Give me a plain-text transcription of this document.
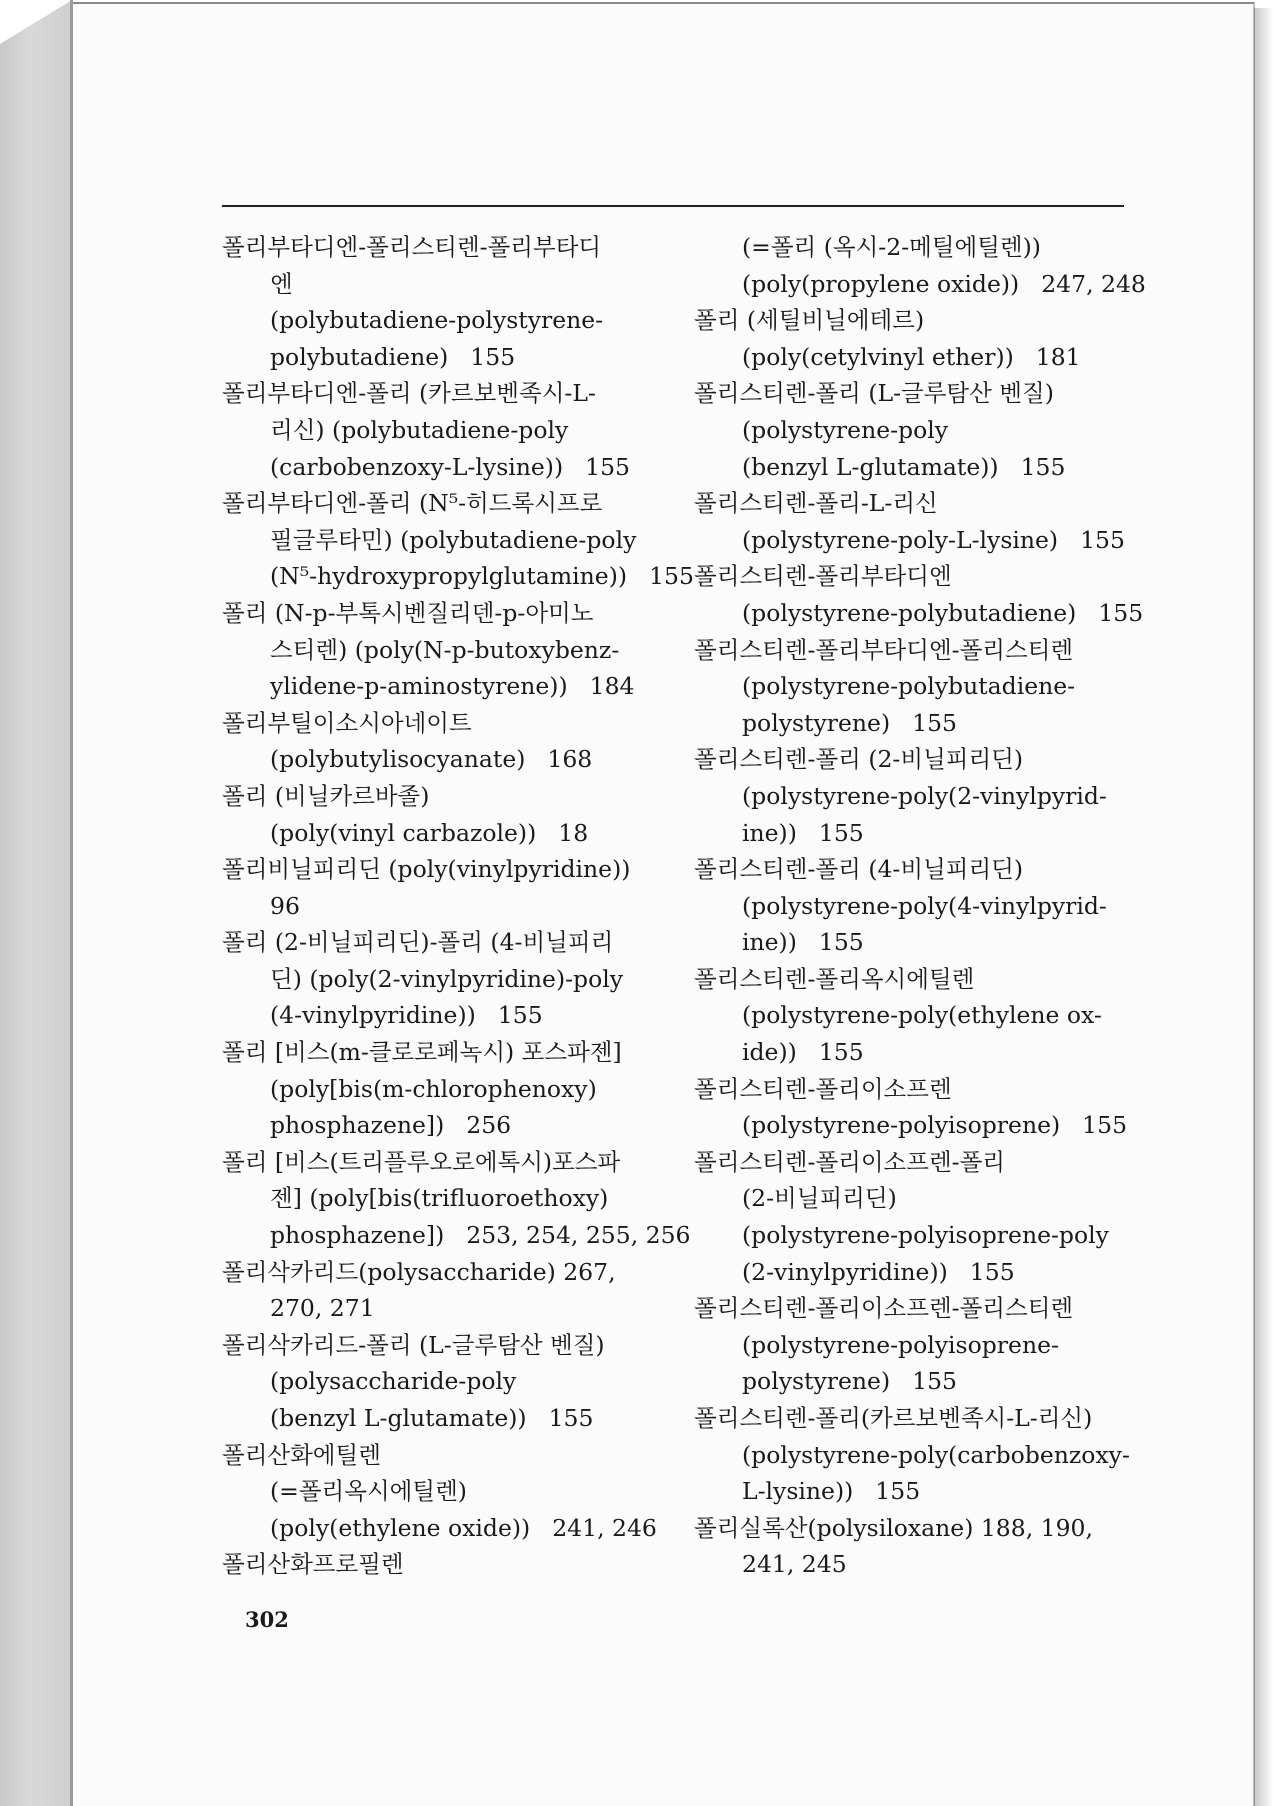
폴리부타디엔-폴리스티렌-폴리부타디
엔
(polybutadiene-polystyrene-
polybutadiene) 155
폴리부타디엔-폴리 (카르보벤족시-L-
리신) (polybutadiene-poly
(carbobenzoxy-L-lysine)) 155
폴리부타디엔-폴리 (N⁵-히드록시프로
필글루타민) (polybutadiene-poly
(N⁵-hydroxypropylglutamine)) 155
폴리 (N-p-부톡시벤질리덴-p-아미노
스티렌) (poly(N-p-butoxybenz-
ylidene-p-aminostyrene)) 184
폴리부틸이소시아네이트
(polybutylisocyanate) 168
폴리 (비닐카르바졸)
(poly(vinyl carbazole)) 18
폴리비닐피리딘 (poly(vinylpyridine))
96
폴리 (2-비닐피리딘)-폴리 (4-비닐피리
딘) (poly(2-vinylpyridine)-poly
(4-vinylpyridine)) 155
폴리 [비스(m-클로로페녹시) 포스파젠]
(poly[bis(m-chlorophenoxy)
phosphazene]) 256
폴리 [비스(트리플루오로에톡시)포스파
젠] (poly[bis(trifluoroethoxy)
phosphazene]) 253, 254, 255, 256
폴리삭카리드(polysaccharide) 267,
270, 271
폴리삭카리드-폴리 (L-글루탐산 벤질)
(polysaccharide-poly
(benzyl L-glutamate)) 155
폴리산화에틸렌
(=폴리옥시에틸렌)
(poly(ethylene oxide)) 241, 246
폴리산화프로필렌
(=폴리 (옥시-2-메틸에틸렌))
(poly(propylene oxide)) 247, 248
폴리 (세틸비닐에테르)
(poly(cetylvinyl ether)) 181
폴리스티렌-폴리 (L-글루탐산 벤질)
(polystyrene-poly
(benzyl L-glutamate)) 155
폴리스티렌-폴리-L-리신
(polystyrene-poly-L-lysine) 155
폴리스티렌-폴리부타디엔
(polystyrene-polybutadiene) 155
폴리스티렌-폴리부타디엔-폴리스티렌
(polystyrene-polybutadiene-
polystyrene) 155
폴리스티렌-폴리 (2-비닐피리딘)
(polystyrene-poly(2-vinylpyrid-
ine)) 155
폴리스티렌-폴리 (4-비닐피리딘)
(polystyrene-poly(4-vinylpyrid-
ine)) 155
폴리스티렌-폴리옥시에틸렌
(polystyrene-poly(ethylene ox-
ide)) 155
폴리스티렌-폴리이소프렌
(polystyrene-polyisoprene) 155
폴리스티렌-폴리이소프렌-폴리
(2-비닐피리딘)
(polystyrene-polyisoprene-poly
(2-vinylpyridine)) 155
폴리스티렌-폴리이소프렌-폴리스티렌
(polystyrene-polyisoprene-
polystyrene) 155
폴리스티렌-폴리(카르보벤족시-L-리신)
(polystyrene-poly(carbobenzoxy-
L-lysine)) 155
폴리실록산(polysiloxane) 188, 190,
241, 245
302
